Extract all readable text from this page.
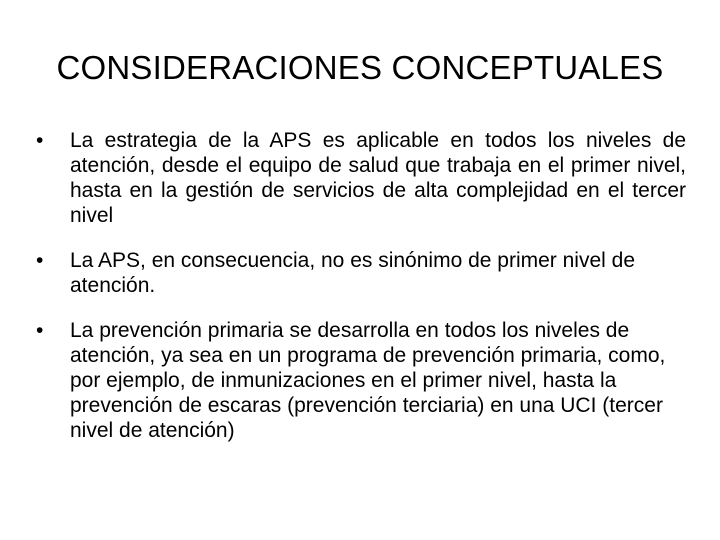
CONSIDERACIONES CONCEPTUALES
•	La estrategia de la APS es aplicable en todos los niveles de atención, desde el equipo de salud que trabaja en el primer nivel, hasta en la gestión de servicios de alta complejidad en el tercer nivel
•	La APS, en consecuencia, no es sinónimo de primer nivel de atención.
•	La prevención primaria se desarrolla en todos los niveles de atención, ya sea en un programa de prevención primaria, como, por ejemplo, de inmunizaciones en el primer nivel, hasta la prevención de escaras (prevención terciaria) en una UCI (tercer nivel de atención)
